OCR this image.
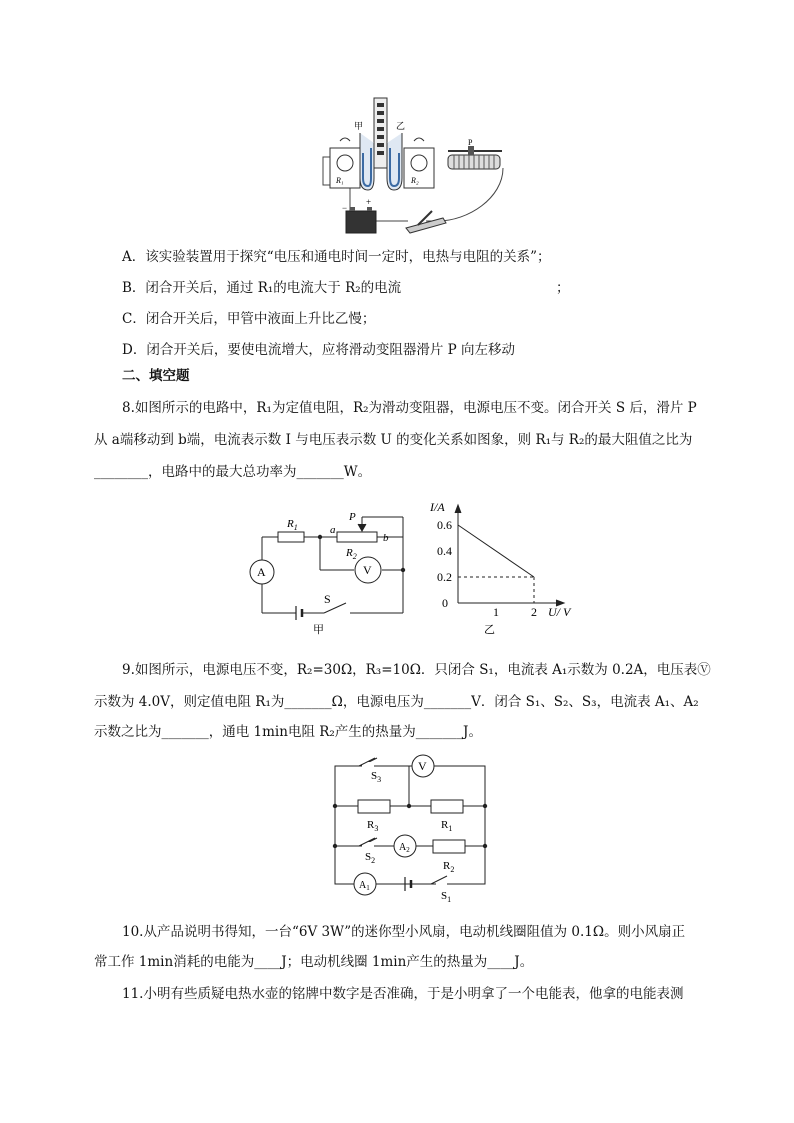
甲	乙
R₁	R₂
P
−
+
A．该实验装置用于探究“电压和通电时间一定时，电热与电阻的关系”；
B．闭合开关后，通过 R₁的电流大于 R₂的电流	；
C．闭合开关后，甲管中液面上升比乙慢；
D．闭合开关后，要使电流增大，应将滑动变阻器滑片 P 向左移动
二、填空题
8.如图所示的电路中，R₁为定值电阻，R₂为滑动变阻器，电源电压不变。闭合开关 S 后，滑片 P
从 a端移动到 b端，电流表示数 I 与电压表示数 U 的变化关系如图象，则 R₁与 R₂的最大阻值之比为
________，电路中的最大总功率为_______W。
$R_1$	a
P
b
$R_2$
A	V
S
甲
I/A
U/ V
0
0.2
0.4
0.6
1	2
乙
9.如图所示，电源电压不变，R₂=30Ω，R₃=10Ω．只闭合 S₁，电流表 A₁示数为 0.2A，电压表Ⓥ
示数为 4.0V，则定值电阻 R₁为_______Ω，电源电压为_______V．闭合 S₁、S₂、S₃，电流表 A₁、A₂
示数之比为_______，通电 1min电阻 R₂产生的热量为_______J。
$S_3$
V
$R_3$	$R_1$
$S_2$
$A_2$
$R_2$
$A_1$
$S_1$
10.从产品说明书得知，一台“6V 3W”的迷你型小风扇，电动机线圈阻值为 0.1Ω。则小风扇正
常工作 1min消耗的电能为____J；电动机线圈 1min产生的热量为____J。
11.小明有些质疑电热水壶的铭牌中数字是否准确，于是小明拿了一个电能表，他拿的电能表测
